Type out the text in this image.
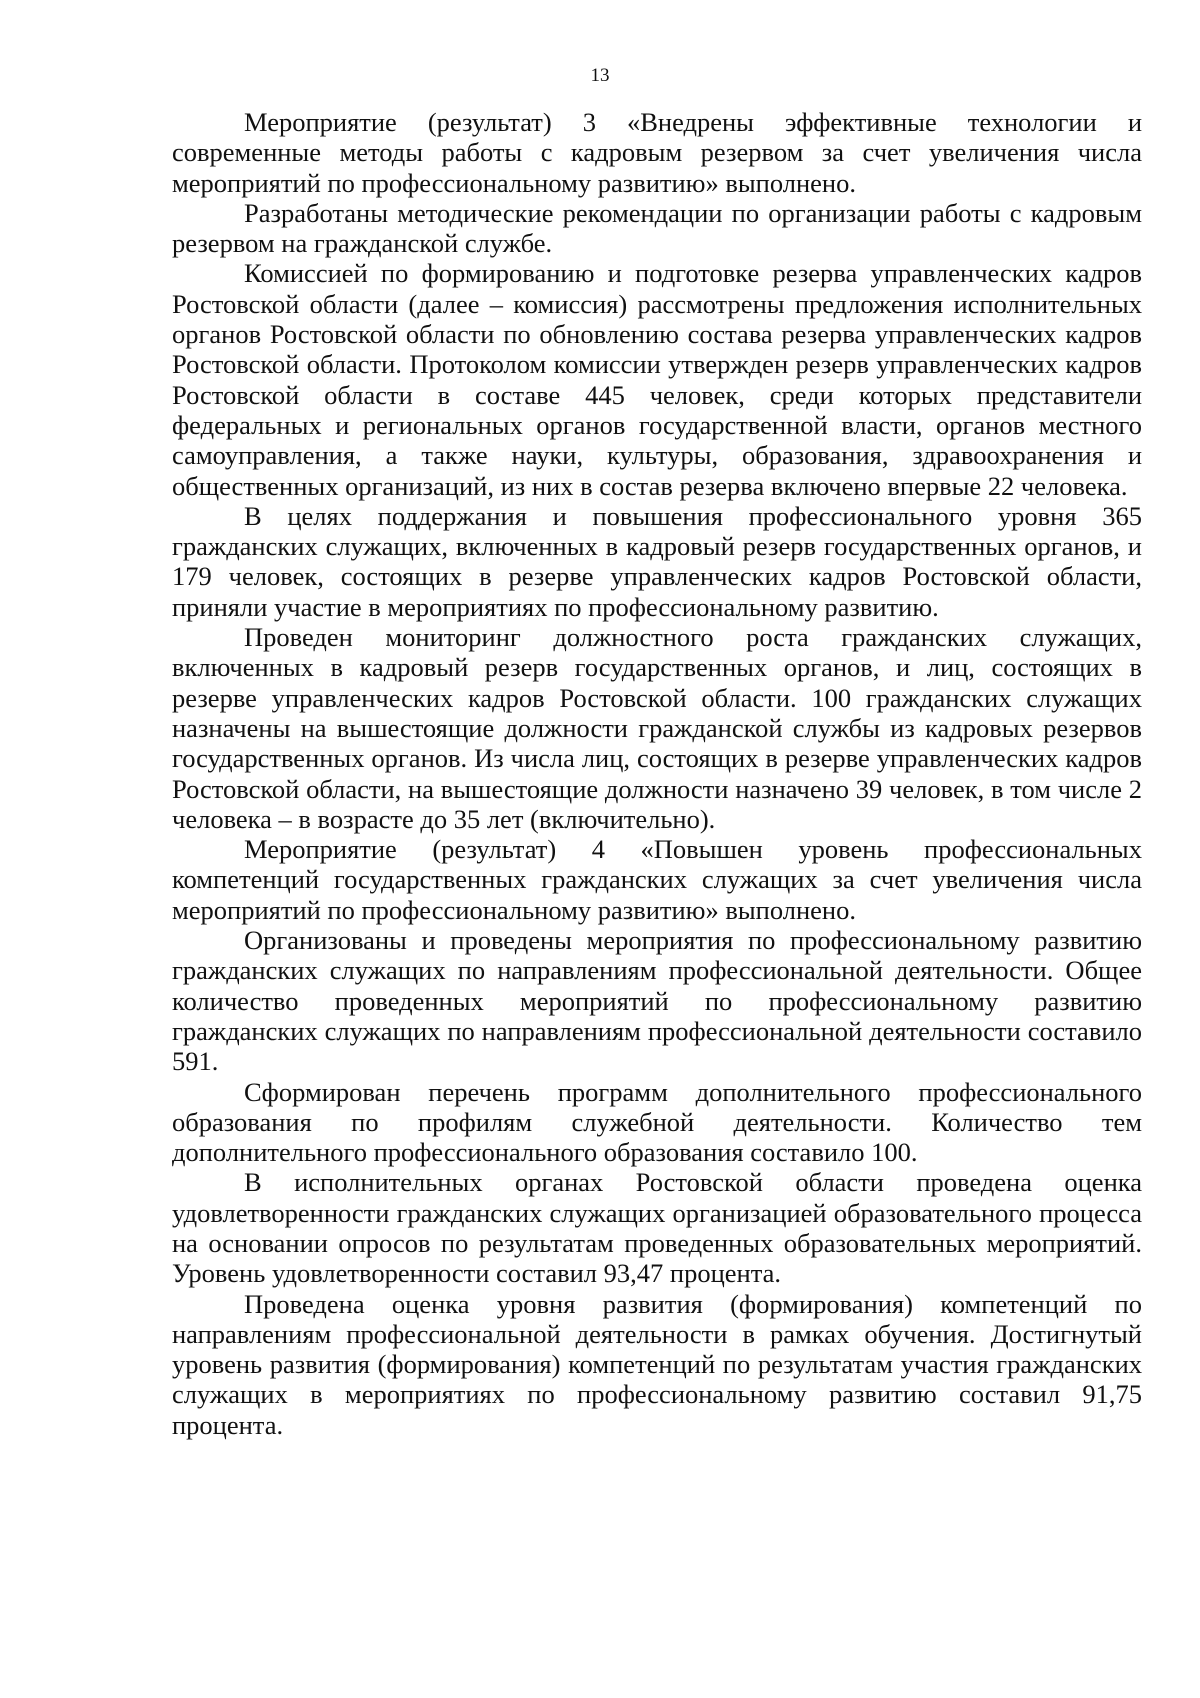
13

Мероприятие (результат) 3 «Внедрены эффективные технологии и современные методы работы с кадровым резервом за счет увеличения числа мероприятий по профессиональному развитию» выполнено.

Разработаны методические рекомендации по организации работы с кадровым резервом на гражданской службе.

Комиссией по формированию и подготовке резерва управленческих кадров Ростовской области (далее – комиссия) рассмотрены предложения исполнительных органов Ростовской области по обновлению состава резерва управленческих кадров Ростовской области. Протоколом комиссии утвержден резерв управленческих кадров Ростовской области в составе 445 человек, среди которых представители федеральных и региональных органов государственной власти, органов местного самоуправления, а также науки, культуры, образования, здравоохранения и общественных организаций, из них в состав резерва включено впервые 22 человека.

В целях поддержания и повышения профессионального уровня 365 гражданских служащих, включенных в кадровый резерв государственных органов, и 179 человек, состоящих в резерве управленческих кадров Ростовской области, приняли участие в мероприятиях по профессиональному развитию.

Проведен мониторинг должностного роста гражданских служащих, включенных в кадровый резерв государственных органов, и лиц, состоящих в резерве управленческих кадров Ростовской области. 100 гражданских служащих назначены на вышестоящие должности гражданской службы из кадровых резервов государственных органов. Из числа лиц, состоящих в резерве управленческих кадров Ростовской области, на вышестоящие должности назначено 39 человек, в том числе 2 человека – в возрасте до 35 лет (включительно).

Мероприятие (результат) 4 «Повышен уровень профессиональных компетенций государственных гражданских служащих за счет увеличения числа мероприятий по профессиональному развитию» выполнено.

Организованы и проведены мероприятия по профессиональному развитию гражданских служащих по направлениям профессиональной деятельности. Общее количество проведенных мероприятий по профессиональному развитию гражданских служащих по направлениям профессиональной деятельности составило 591.

Сформирован перечень программ дополнительного профессионального образования по профилям служебной деятельности. Количество тем дополнительного профессионального образования составило 100.

В исполнительных органах Ростовской области проведена оценка удовлетворенности гражданских служащих организацией образовательного процесса на основании опросов по результатам проведенных образовательных мероприятий. Уровень удовлетворенности составил 93,47 процента.

Проведена оценка уровня развития (формирования) компетенций по направлениям профессиональной деятельности в рамках обучения. Достигнутый уровень развития (формирования) компетенций по результатам участия гражданских служащих в мероприятиях по профессиональному развитию составил 91,75 процента.
